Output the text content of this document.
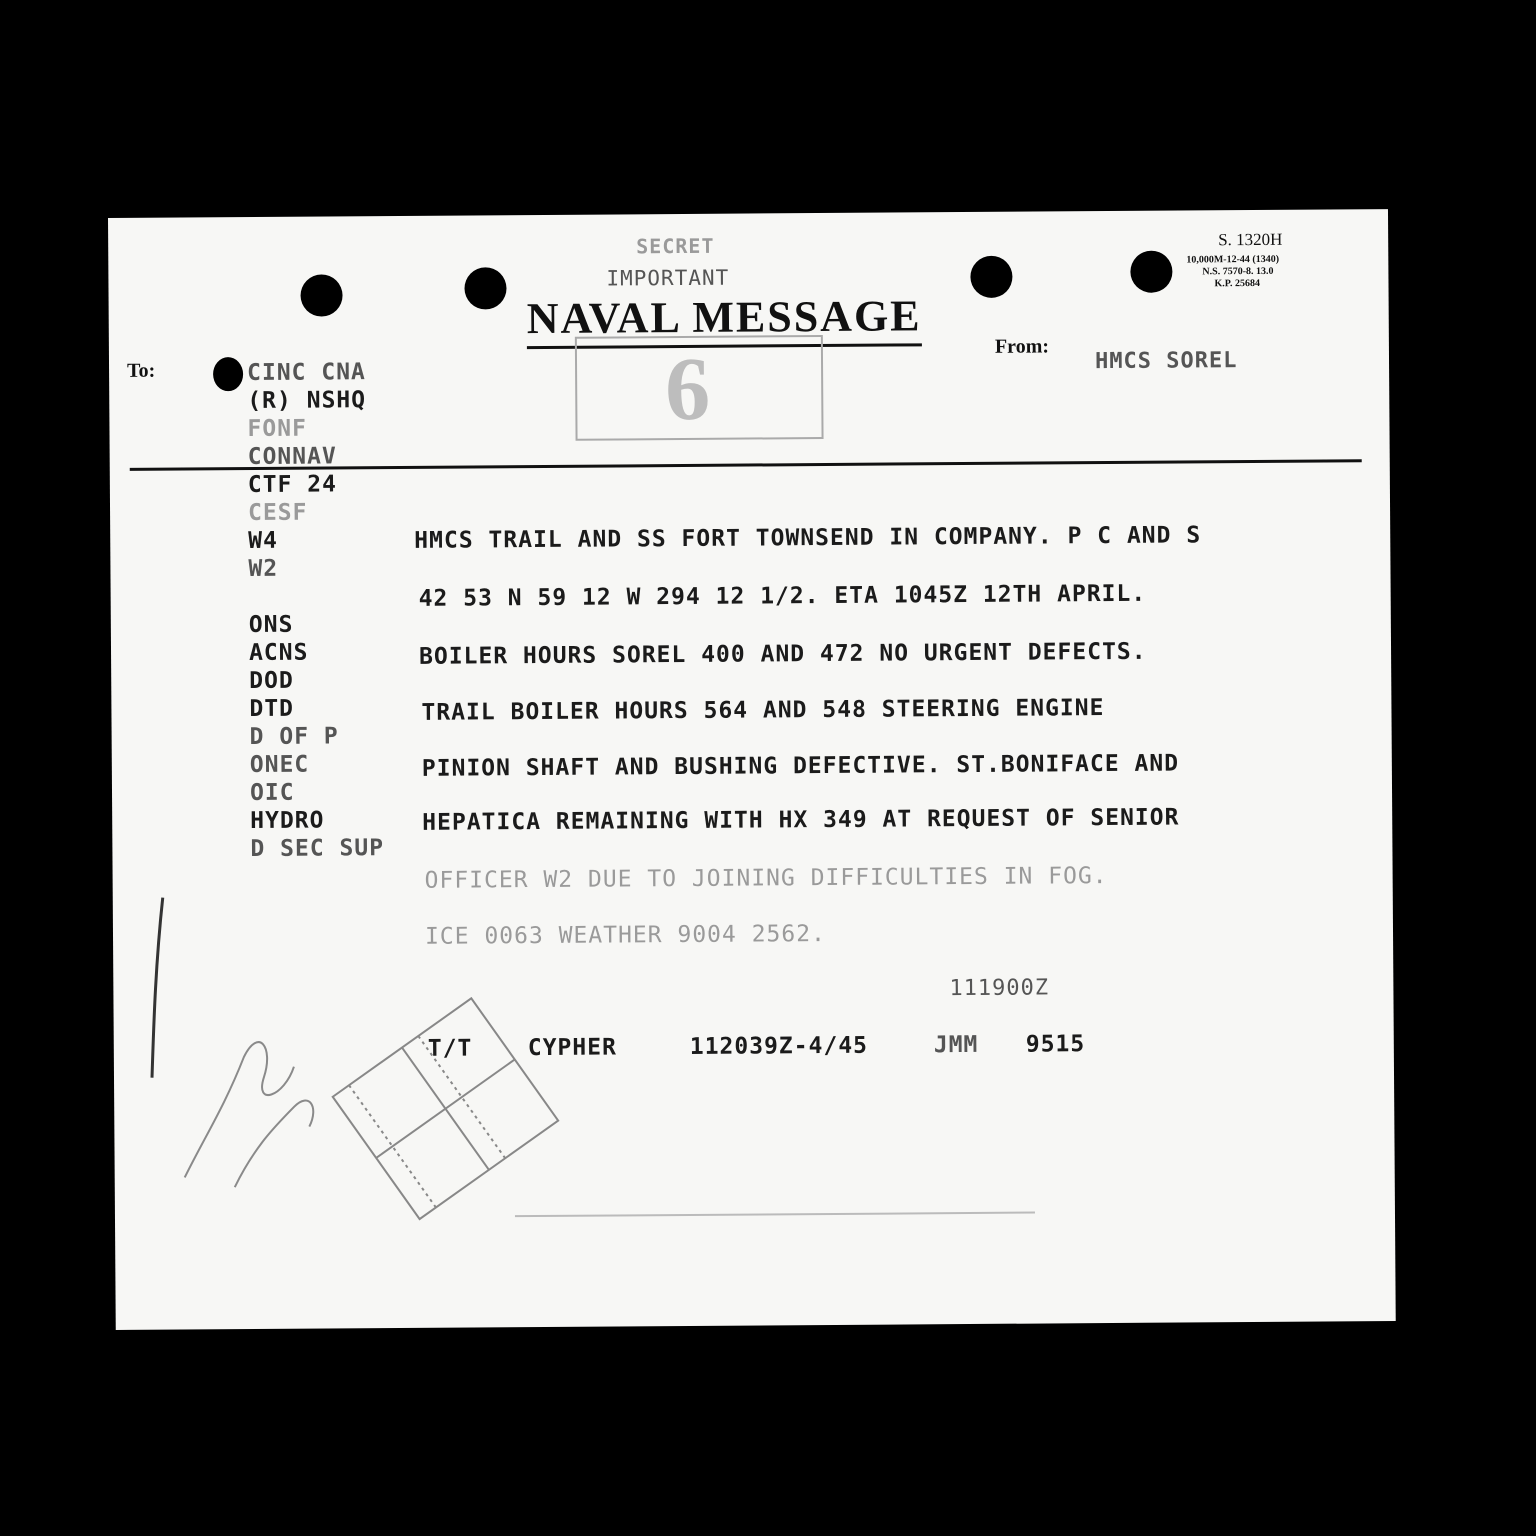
S. 1320H
10,000M-12-44 (1340)
N.S. 7570-8. 13.0
K.P. 25684
SECRET
IMPORTANT
NAVAL MESSAGE
6
To:
From:
HMCS SOREL
CINC CNA
(R) NSHQ
FONF
CONNAV
CTF 24
CESF
W4
W2
ONS
ACNS
DOD
DTD
D OF P
ONEC
OIC
HYDRO
D SEC SUP
HMCS TRAIL AND SS FORT TOWNSEND IN COMPANY. P C AND S
42 53 N 59 12 W 294 12 1/2. ETA 1045Z 12TH APRIL.
BOILER HOURS SOREL 400 AND 472 NO URGENT DEFECTS.
TRAIL BOILER HOURS 564 AND 548 STEERING ENGINE
PINION SHAFT AND BUSHING DEFECTIVE. ST.BONIFACE AND
HEPATICA REMAINING WITH HX 349 AT REQUEST OF SENIOR
OFFICER W2 DUE TO JOINING DIFFICULTIES IN FOG.
ICE 0063 WEATHER 9004 2562.
111900Z
T/T CYPHER	112039Z-4/45	JMM 9515
